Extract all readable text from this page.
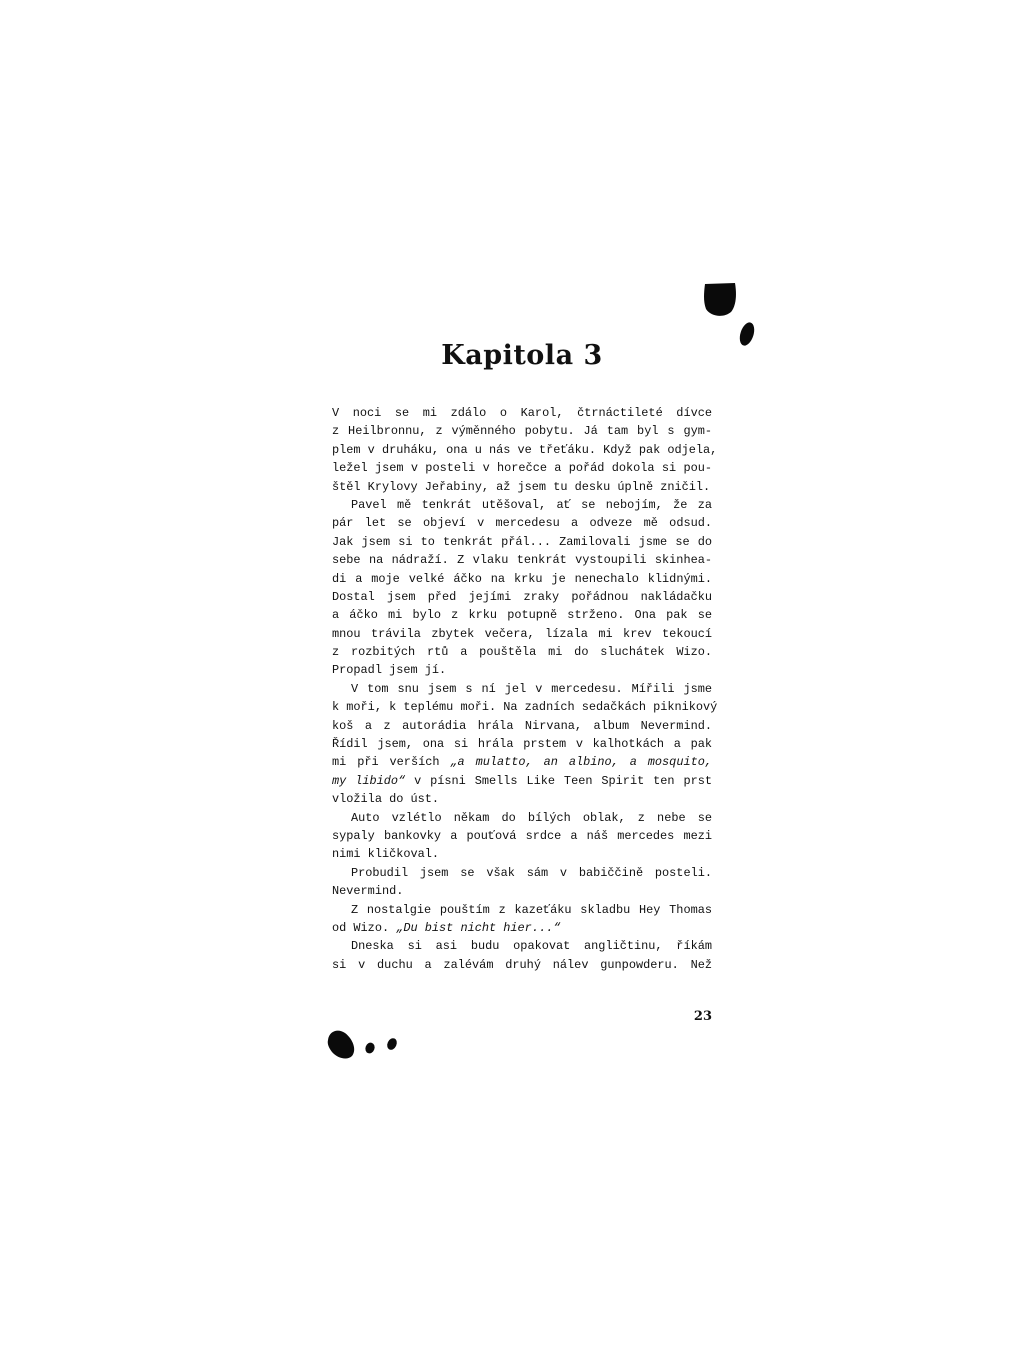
Kapitola 3
V noci se mi zdálo o Karol, čtrnáctileté dívce
z Heilbronnu, z výměnného pobytu. Já tam byl s gym-
plem v druháku, ona u nás ve třeťáku. Když pak odjela,
ležel jsem v posteli v horečce a pořád dokola si pou-
štěl Krylovy Jeřabiny, až jsem tu desku úplně zničil.
Pavel mě tenkrát utěšoval, ať se nebojím, že za
pár let se objeví v mercedesu a odveze mě odsud.
Jak jsem si to tenkrát přál... Zamilovali jsme se do
sebe na nádraží. Z vlaku tenkrát vystoupili skinhea-
di a moje velké áčko na krku je nenechalo klidnými.
Dostal jsem před jejími zraky pořádnou nakládačku
a áčko mi bylo z krku potupně strženo. Ona pak se
mnou trávila zbytek večera, lízala mi krev tekoucí
z rozbitých rtů a pouštěla mi do sluchátek Wizo.
Propadl jsem jí.
V tom snu jsem s ní jel v mercedesu. Mířili jsme
k moři, k teplému moři. Na zadních sedačkách piknikový
koš a z autorádia hrála Nirvana, album Nevermind.
Řídil jsem, ona si hrála prstem v kalhotkách a pak
mi při verších „a mulatto, an albino, a mosquito,
my libido“ v písni Smells Like Teen Spirit ten prst
vložila do úst.
Auto vzlétlo někam do bílých oblak, z nebe se
sypaly bankovky a pouťová srdce a náš mercedes mezi
nimi kličkoval.
Probudil jsem se však sám v babiččině posteli.
Nevermind.
Z nostalgie pouštím z kazeťáku skladbu Hey Thomas
od Wizo. „Du bist nicht hier...“
Dneska si asi budu opakovat angličtinu, říkám
si v duchu a zalévám druhý nálev gunpowderu. Než
23
